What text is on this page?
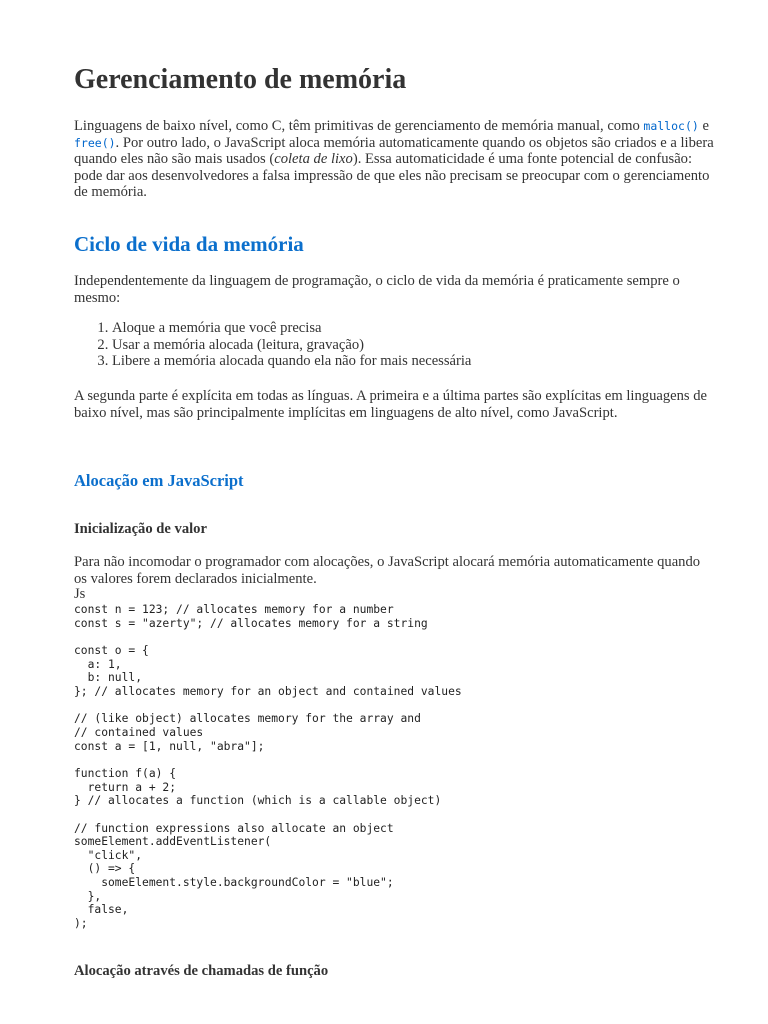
Gerenciamento de memória

Linguagens de baixo nível, como C, têm primitivas de gerenciamento de memória manual, como malloc() e free(). Por outro lado, o JavaScript aloca memória automaticamente quando os objetos são criados e a libera quando eles não são mais usados (coleta de lixo). Essa automaticidade é uma fonte potencial de confusão: pode dar aos desenvolvedores a falsa impressão de que eles não precisam se preocupar com o gerenciamento de memória.

Ciclo de vida da memória

Independentemente da linguagem de programação, o ciclo de vida da memória é praticamente sempre o mesmo:

1. Aloque a memória que você precisa
2. Usar a memória alocada (leitura, gravação)
3. Libere a memória alocada quando ela não for mais necessária

A segunda parte é explícita em todas as línguas. A primeira e a última partes são explícitas em linguagens de baixo nível, mas são principalmente implícitas em linguagens de alto nível, como JavaScript.

Alocação em JavaScript
Inicialização de valor

Para não incomodar o programador com alocações, o JavaScript alocará memória automaticamente quando os valores forem declarados inicialmente.

Js
const n = 123; // allocates memory for a number
const s = "azerty"; // allocates memory for a string

const o = {
a: 1,
b: null,
}; // allocates memory for an object and contained values

// (like object) allocates memory for the array and
// contained values
const a = [1, null, "abra"];

function f(a) {
return a + 2;
} // allocates a function (which is a callable object)

// function expressions also allocate an object
someElement.addEventListener(
"click",
() => {
someElement.style.backgroundColor = "blue";
},
false,
);
Alocação através de chamadas de função
